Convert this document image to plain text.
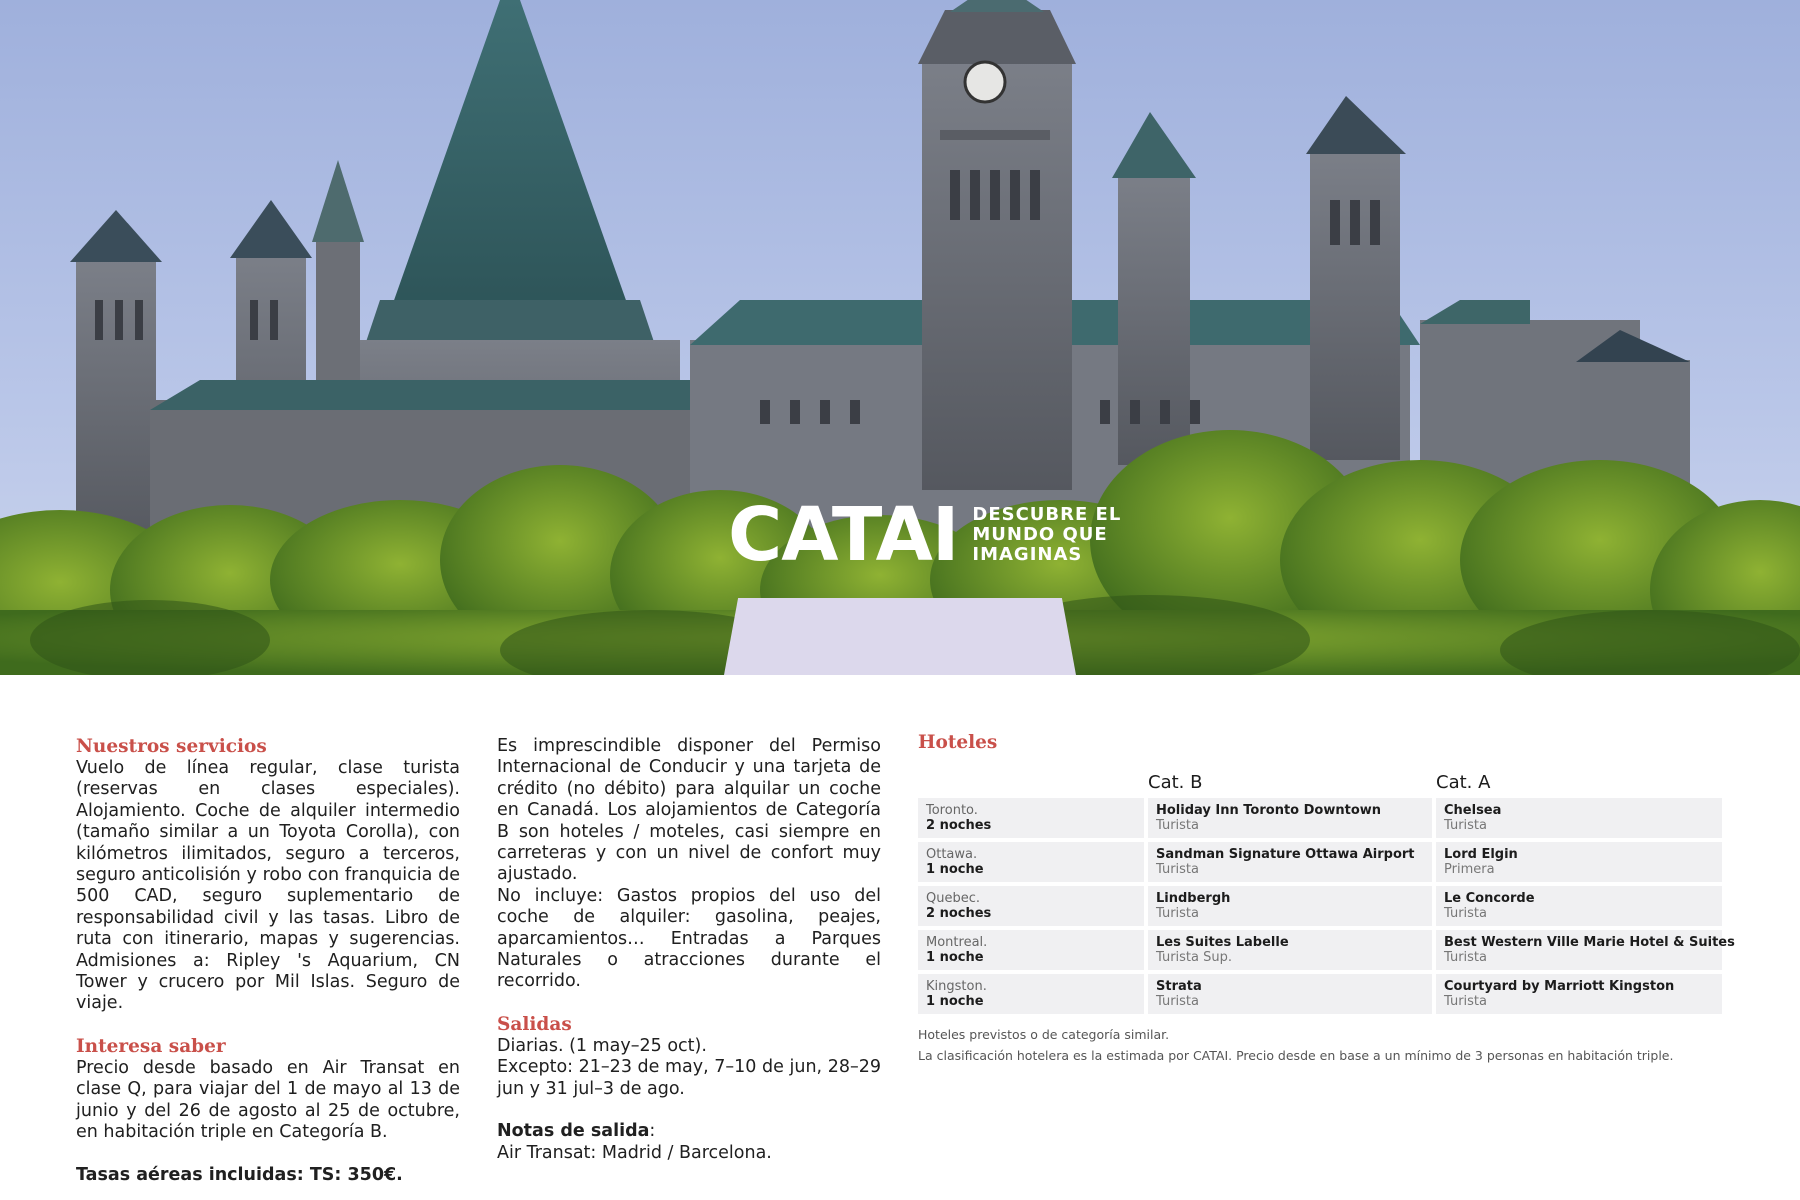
CATAI DESCUBRE EL
MUNDO QUE
IMAGINAS
Nuestros servicios

Vuelo de línea regular, clase turista (reservas en clases especiales). Alojamiento. Coche de alquiler intermedio (tamaño similar a un Toyota Corolla), con kilómetros ilimitados, seguro a terceros, seguro anticolisión y robo con franquicia de 500 CAD, seguro suplementario de responsabilidad civil y las tasas. Libro de ruta con itinerario, mapas y sugerencias. Admisiones a: Ripley 's Aquarium, CN Tower y crucero por Mil Islas. Seguro de viaje.

Interesa saber

Precio desde basado en Air Transat en clase Q, para viajar del 1 de mayo al 13 de junio y del 26 de agosto al 25 de octubre, en habitación triple en Categoría B.

Tasas aéreas incluidas: TS: 350€.

Es imprescindible disponer del Permiso Internacional de Conducir y una tarjeta de crédito (no débito) para alquilar un coche en Canadá. Los alojamientos de Categoría B son hoteles / moteles, casi siempre en carreteras y con un nivel de confort muy ajustado.

No incluye: Gastos propios del uso del coche de alquiler: gasolina, peajes, aparcamientos… Entradas a Parques Naturales o atracciones durante el recorrido.

Salidas

Diarias. (1 may–25 oct).

Excepto: 21–23 de may, 7–10 de jun, 28–29 jun y 31 jul–3 de ago.

Notas de salida:

Air Transat: Madrid / Barcelona.

Hoteles
Cat. B	Cat. A
Toronto.
2 noches
Holiday Inn Toronto Downtown
Turista
Chelsea
Turista
Ottawa.
1 noche
Sandman Signature Ottawa Airport
Turista
Lord Elgin
Primera
Quebec.
2 noches
Lindbergh
Turista
Le Concorde
Turista
Montreal.
1 noche
Les Suites Labelle
Turista Sup.
Best Western Ville Marie Hotel & Suites
Turista
Kingston.
1 noche
Strata
Turista
Courtyard by Marriott Kingston
Turista
Hoteles previstos o de categoría similar.
La clasificación hotelera es la estimada por CATAI. Precio desde en base a un mínimo de 3 personas en habitación triple.
